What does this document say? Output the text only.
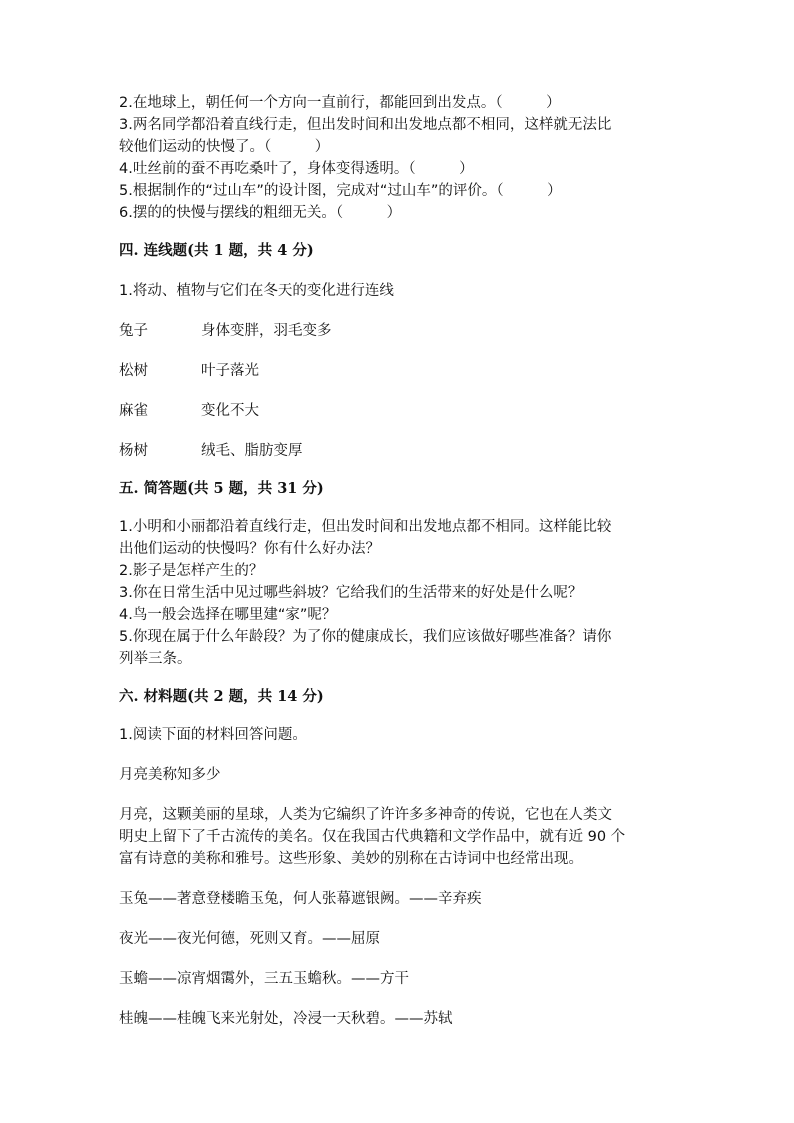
2.在地球上，朝任何一个方向一直前行，都能回到出发点。（　　　）
3.两名同学都沿着直线行走，但出发时间和出发地点都不相同，这样就无法比
较他们运动的快慢了。（　　　）
4.吐丝前的蚕不再吃桑叶了，身体变得透明。（　　　）
5.根据制作的“过山车”的设计图，完成对“过山车”的评价。（　　　）
6.摆的的快慢与摆线的粗细无关。（　　　）
四. 连线题(共 1 题，共 4 分)
1.将动、植物与它们在冬天的变化进行连线
兔子	身体变胖，羽毛变多
松树	叶子落光
麻雀	变化不大
杨树	绒毛、脂肪变厚
五. 简答题(共 5 题，共 31 分)
1.小明和小丽都沿着直线行走，但出发时间和出发地点都不相同。这样能比较
出他们运动的快慢吗？你有什么好办法？
2.影子是怎样产生的？
3.你在日常生活中见过哪些斜坡？它给我们的生活带来的好处是什么呢？
4.鸟一般会选择在哪里建“家”呢？
5.你现在属于什么年龄段？为了你的健康成长，我们应该做好哪些准备？请你
列举三条。
六. 材料题(共 2 题，共 14 分)
1.阅读下面的材料回答问题。
月亮美称知多少
月亮，这颗美丽的星球，人类为它编织了许许多多神奇的传说，它也在人类文
明史上留下了千古流传的美名。仅在我国古代典籍和文学作品中，就有近 90 个
富有诗意的美称和雅号。这些形象、美妙的别称在古诗词中也经常出现。
玉兔——著意登楼瞻玉兔，何人张幕遮银阙。——辛弃疾
夜光——夜光何德，死则又育。——屈原
玉蟾——凉宵烟霭外，三五玉蟾秋。——方干
桂魄——桂魄飞来光射处，冷浸一天秋碧。——苏轼
